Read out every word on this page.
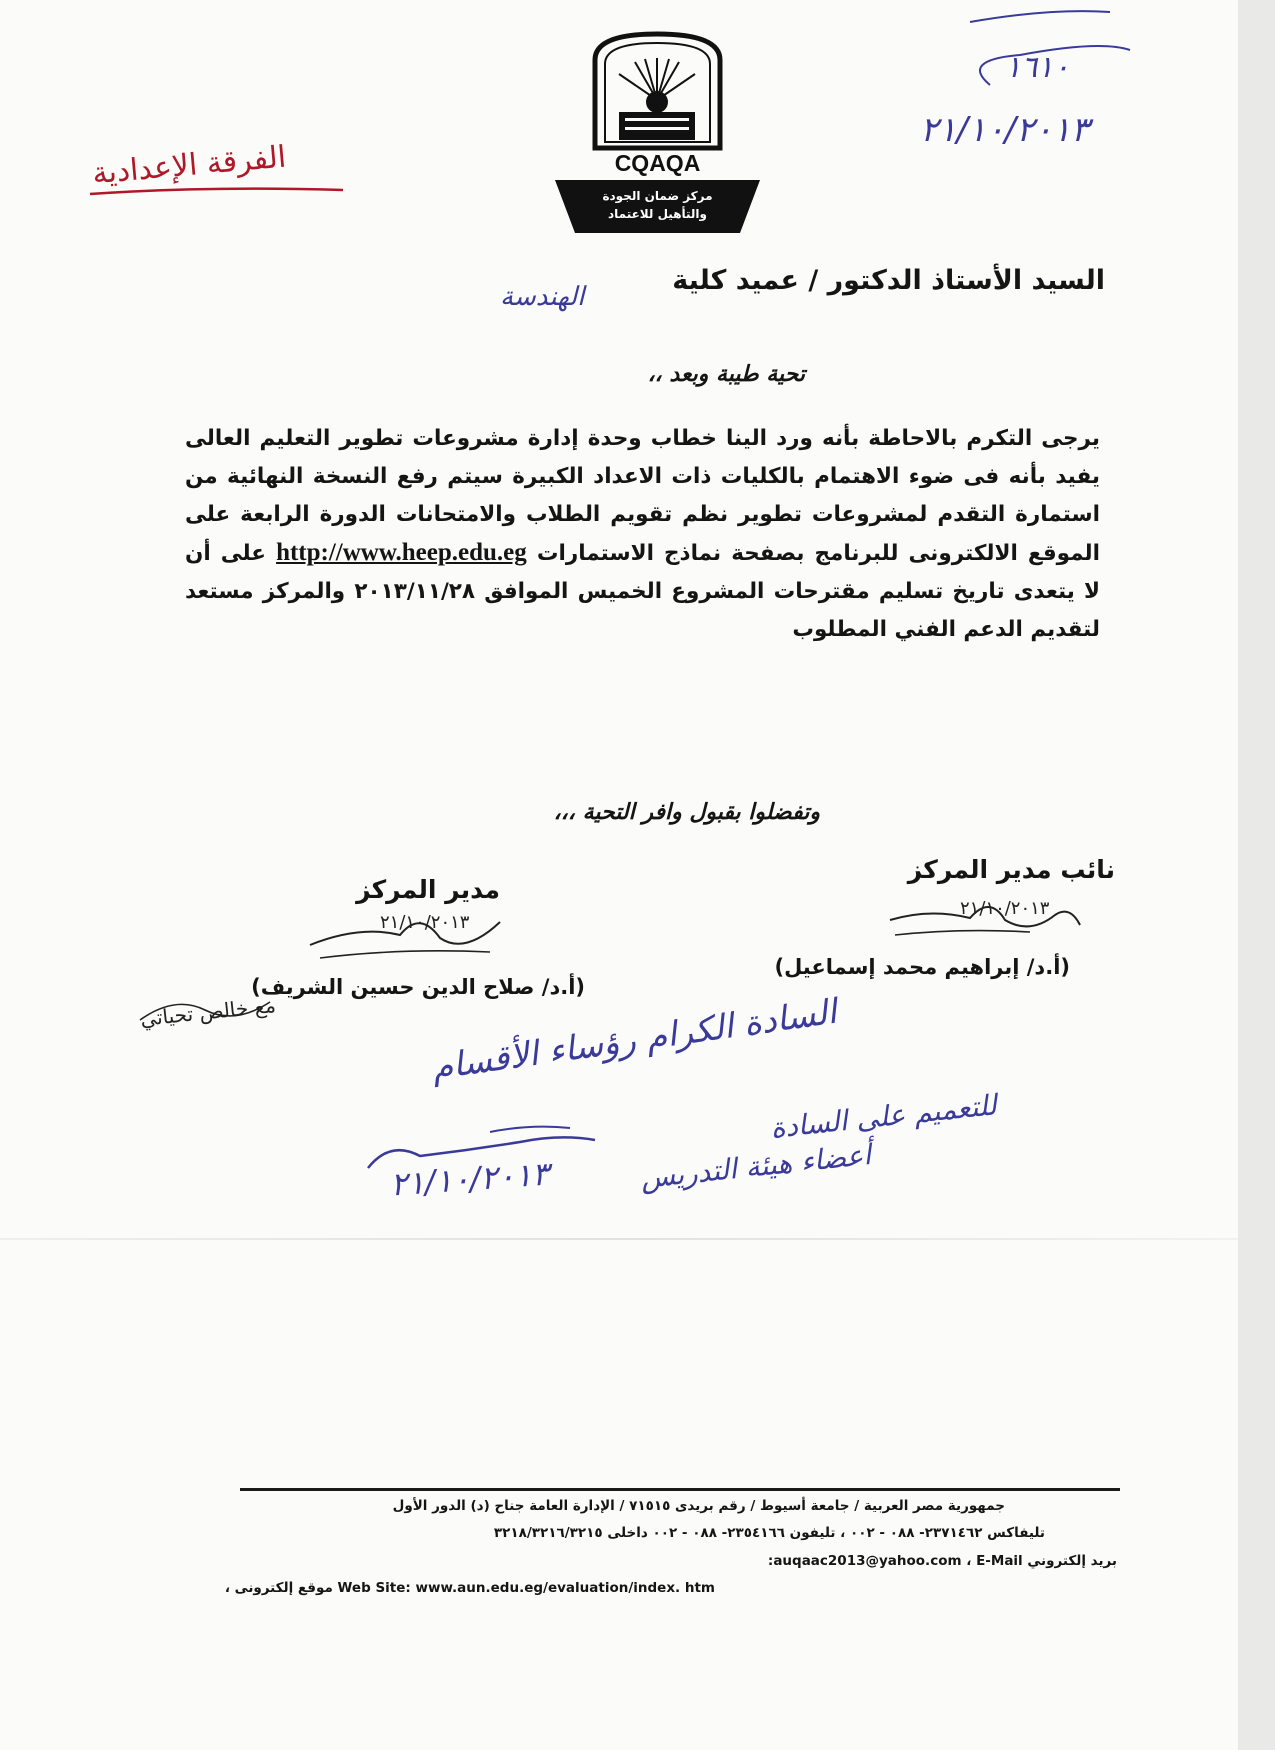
CQAQA
مركز ضمان الجودة
والتأهيل للاعتماد
الفرقة الإعدادية
١٦١٠
٢١/١٠/٢٠١٣
السيد الأستاذ الدكتور / عميد كلية
الهندسة
تحية طيبة وبعد ،،
يرجى التكرم بالاحاطة بأنه ورد الينا خطاب وحدة إدارة مشروعات تطوير التعليم العالى يفيد بأنه فى ضوء الاهتمام بالكليات ذات الاعداد الكبيرة سيتم رفع النسخة النهائية من استمارة التقدم لمشروعات تطوير نظم تقويم الطلاب والامتحانات الدورة الرابعة على الموقع الالكترونى للبرنامج بصفحة نماذج الاستمارات http://www.heep.edu.eg على أن لا يتعدى تاريخ تسليم مقترحات المشروع الخميس الموافق ٢٠١٣/١١/٢٨ والمركز مستعد لتقديم الدعم الفني المطلوب
وتفضلوا بقبول وافر التحية ،،،
نائب مدير المركز
مدير المركز
٢١/١٠/٢٠١٣
٢١/١٠/٢٠١٣
(أ.د/ إبراهيم محمد إسماعيل)
(أ.د/ صلاح الدين حسين الشريف)
مع خالص تحياتي	السادة الكرام رؤساء الأقسام
للتعميم على السادة
أعضاء هيئة التدريس
٢١/١٠/٢٠١٣
جمهورية مصر العربية / جامعة أسيوط / رقم بريدى ٧١٥١٥ / الإدارة العامة جناح (د) الدور الأول
تليفاكس ٢٣٧١٤٦٢- ٠٨٨ - ٠٠٢ ، تليفون ٢٣٥٤١٦٦- ٠٨٨ - ٠٠٢ داخلى ٣٢١٨/٣٢١٦/٣٢١٥
بريد إلكتروني auqaac2013@yahoo.com ، E-Mail:
Web Site: www.aun.edu.eg/evaluation/index. htm موقع إلكترونى ،
